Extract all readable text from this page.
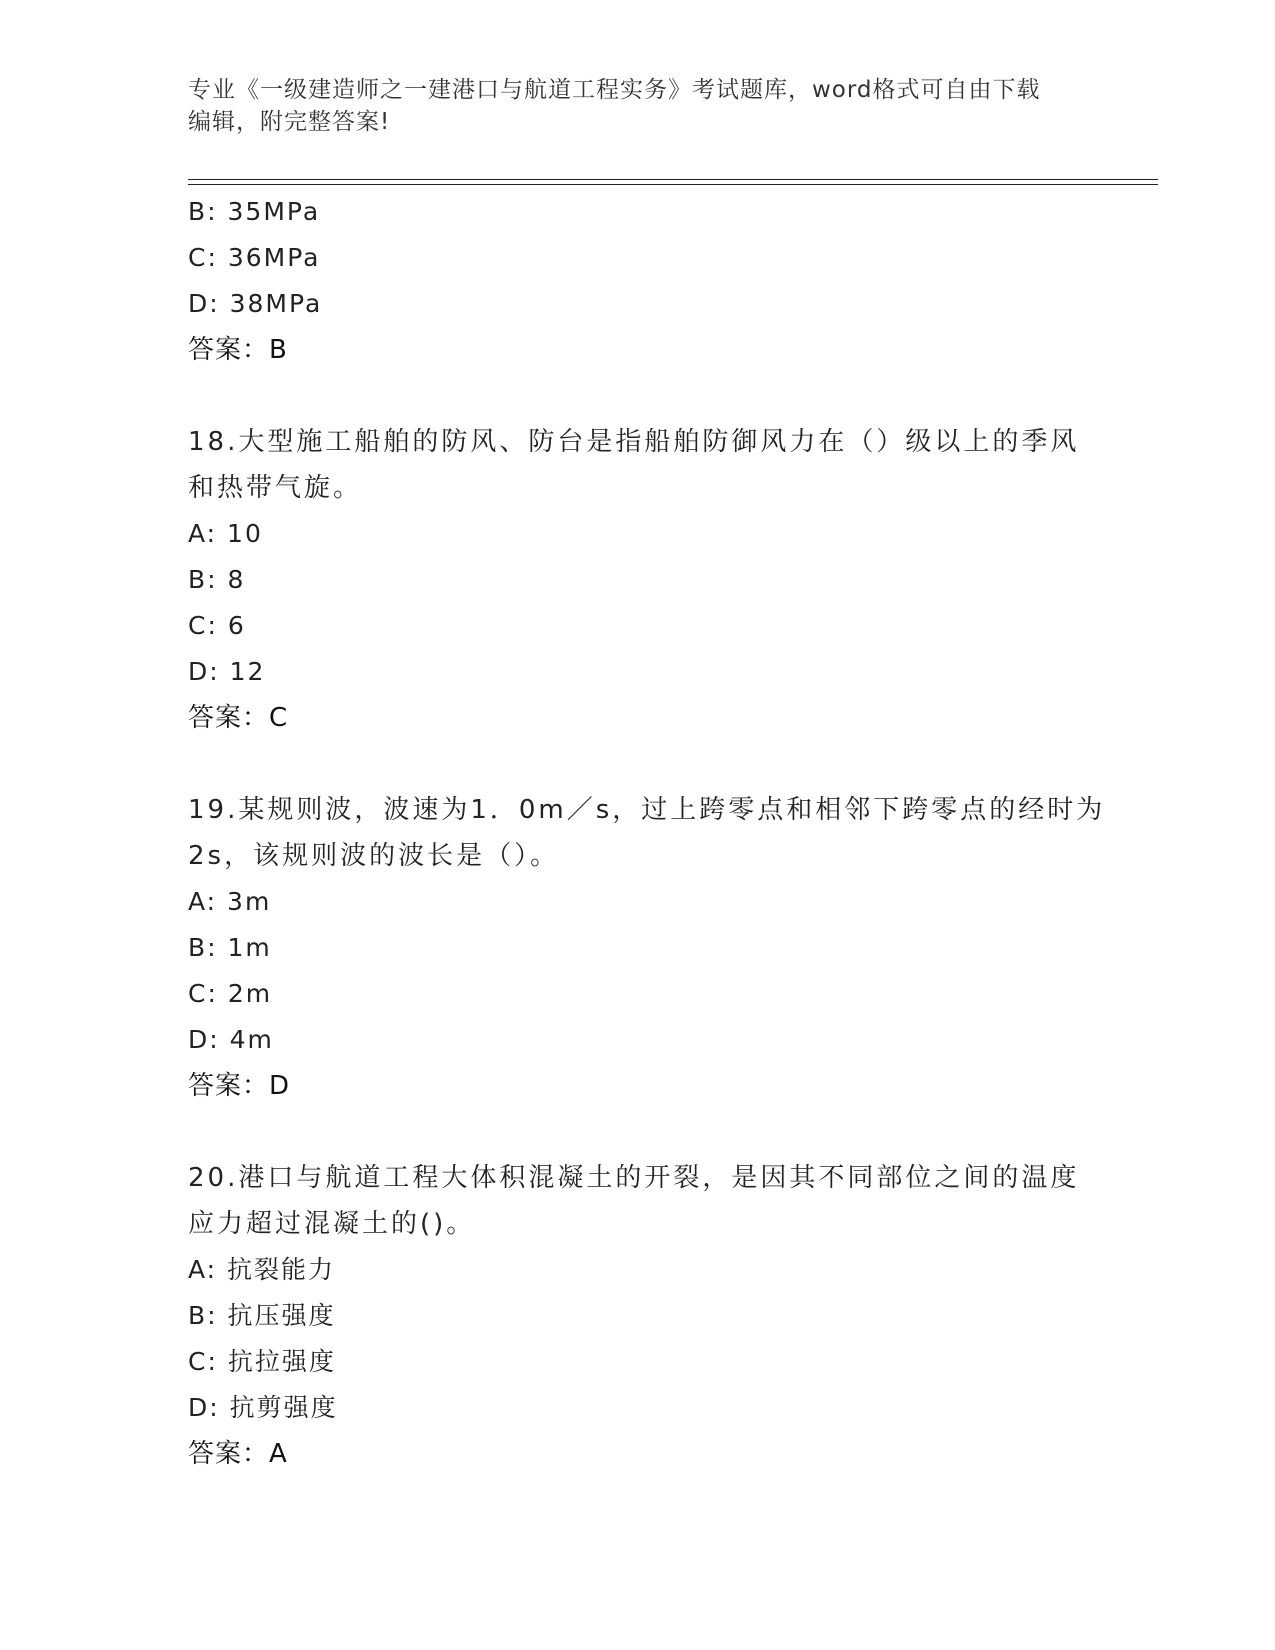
专业《一级建造师之一建港口与航道工程实务》考试题库，word格式可自由下载
编辑，附完整答案!
B: 35MPa
C: 36MPa
D: 38MPa
答案：B
18.大型施工船舶的防风、防台是指船舶防御风力在（）级以上的季风
和热带气旋。
A: 10
B: 8
C: 6
D: 12
答案：C
19.某规则波，波速为1．0m／s，过上跨零点和相邻下跨零点的经时为
2s，该规则波的波长是（）。
A: 3m
B: 1m
C: 2m
D: 4m
答案：D
20.港口与航道工程大体积混凝土的开裂，是因其不同部位之间的温度
应力超过混凝土的()。
A: 抗裂能力
B: 抗压强度
C: 抗拉强度
D: 抗剪强度
答案：A
